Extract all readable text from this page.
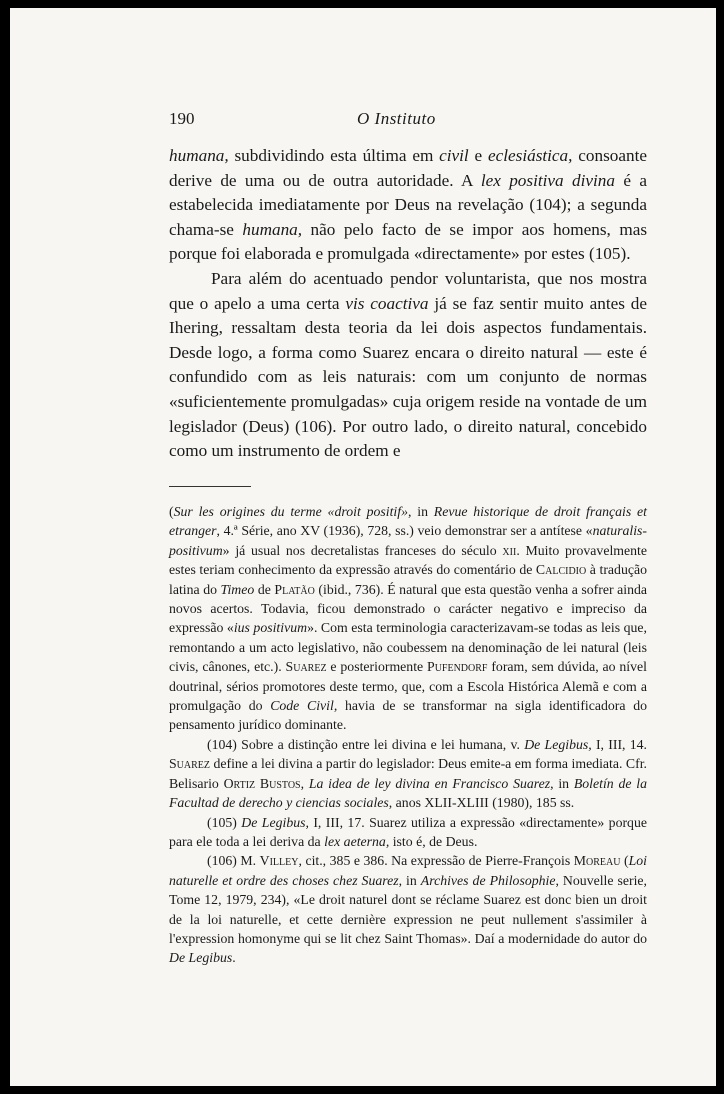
190	O Instituto

humana, subdividindo esta última em civil e eclesiástica, consoante derive de uma ou de outra autoridade. A lex positiva divina é a estabelecida imediatamente por Deus na revelação (104); a segunda chama-se humana, não pelo facto de se impor aos homens, mas porque foi elaborada e promulgada «directamente» por estes (105).

Para além do acentuado pendor voluntarista, que nos mostra que o apelo a uma certa vis coactiva já se faz sentir muito antes de Ihering, ressaltam desta teoria da lei dois aspectos fundamentais. Desde logo, a forma como Suarez encara o direito natural — este é confundido com as leis naturais: com um conjunto de normas «suficientemente promulgadas» cuja origem reside na vontade de um legislador (Deus) (106). Por outro lado, o direito natural, concebido como um instrumento de ordem e

(Sur les origines du terme «droit positif», in Revue historique de droit français et etranger, 4.ª Série, ano XV (1936), 728, ss.) veio demonstrar ser a antítese «naturalis-positivum» já usual nos decretalistas franceses do século xii. Muito provavelmente estes teriam conhecimento da expressão através do comentário de Calcidio à tradução latina do Timeo de Platão (ibid., 736). É natural que esta questão venha a sofrer ainda novos acertos. Todavia, ficou demonstrado o carácter negativo e impreciso da expressão «ius positivum». Com esta terminologia caracterizavam-se todas as leis que, remontando a um acto legislativo, não coubessem na denominação de lei natural (leis civis, cânones, etc.). Suarez e posteriormente Pufendorf foram, sem dúvida, ao nível doutrinal, sérios promotores deste termo, que, com a Escola Histórica Alemã e com a promulgação do Code Civil, havia de se transformar na sigla identificadora do pensamento jurídico dominante.

(104) Sobre a distinção entre lei divina e lei humana, v. De Legibus, I, III, 14. Suarez define a lei divina a partir do legislador: Deus emite-a em forma imediata. Cfr. Belisario Ortiz Bustos, La idea de ley divina en Francisco Suarez, in Boletín de la Facultad de derecho y ciencias sociales, anos XLII-XLIII (1980), 185 ss.

(105) De Legibus, I, III, 17. Suarez utiliza a expressão «directamente» porque para ele toda a lei deriva da lex aeterna, isto é, de Deus.

(106) M. Villey, cit., 385 e 386. Na expressão de Pierre-François Moreau (Loi naturelle et ordre des choses chez Suarez, in Archives de Philosophie, Nouvelle serie, Tome 12, 1979, 234), «Le droit naturel dont se réclame Suarez est donc bien un droit de la loi naturelle, et cette dernière expression ne peut nullement s'assimiler à l'expression homonyme qui se lit chez Saint Thomas». Daí a modernidade do autor do De Legibus.
